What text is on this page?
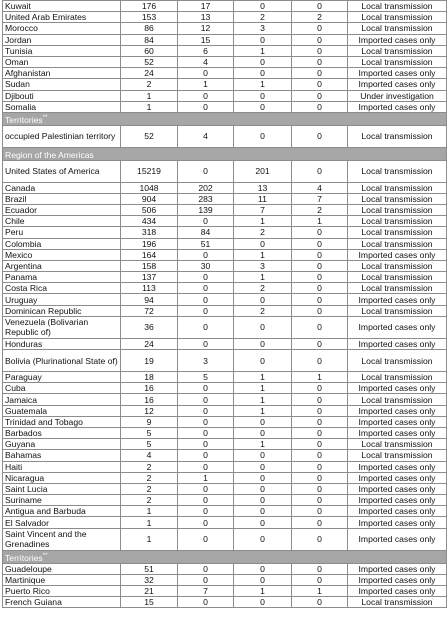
Kuwait	176	17	0	0	Local transmission	
United Arab Emirates	153	13	2	2	Local transmission	
Morocco	86	12	3	0	Local transmission	
Jordan	84	15	0	0	Imported cases only	
Tunisia	60	6	1	0	Local transmission	
Oman	52	4	0	0	Local transmission	
Afghanistan	24	0	0	0	Imported cases only	
Sudan	2	1	1	0	Imported cases only	
Djibouti	1	0	0	0	Under investigation	
Somalia	1	0	0	0	Imported cases only	
Territories**
occupied Palestinian territory	52	4	0	0	Local transmission	
Region of the Americas						
United States of America	15219	0	201	0	Local transmission	
Canada	1048	202	13	4	Local transmission	
Brazil	904	283	11	7	Local transmission	
Ecuador	506	139	7	2	Local transmission	
Chile	434	0	1	1	Local transmission	
Peru	318	84	2	0	Local transmission	
Colombia	196	51	0	0	Local transmission	
Mexico	164	0	1	0	Imported cases only	
Argentina	158	30	3	0	Local transmission	
Panama	137	0	1	0	Local transmission	
Costa Rica	113	0	2	0	Local transmission	
Uruguay	94	0	0	0	Imported cases only	
Dominican Republic	72	0	2	0	Local transmission	
Venezuela (Bolivarian Republic of)	36	0	0	0	Imported cases only	
Honduras	24	0	0	0	Imported cases only	
Bolivia (Plurinational State of)	19	3	0	0	Local transmission	
Paraguay	18	5	1	1	Local transmission	
Cuba	16	0	1	0	Imported cases only	
Jamaica	16	0	1	0	Local transmission	
Guatemala	12	0	1	0	Imported cases only	
Trinidad and Tobago	9	0	0	0	Imported cases only	
Barbados	5	0	0	0	Imported cases only	
Guyana	5	0	1	0	Local transmission	
Bahamas	4	0	0	0	Local transmission	
Haiti	2	0	0	0	Imported cases only	
Nicaragua	2	1	0	0	Imported cases only	
Saint Lucia	2	0	0	0	Imported cases only	
Suriname	2	0	0	0	Imported cases only	
Antigua and Barbuda	1	0	0	0	Imported cases only	
El Salvador	1	0	0	0	Imported cases only	
Saint Vincent and the Grenadines	1	0	0	0	Imported cases only	
Territories**
Guadeloupe	51	0	0	0	Imported cases only	
Martinique	32	0	0	0	Imported cases only	
Puerto Rico	21	7	1	1	Imported cases only	
French Guiana	15	0	0	0	Local transmission	
